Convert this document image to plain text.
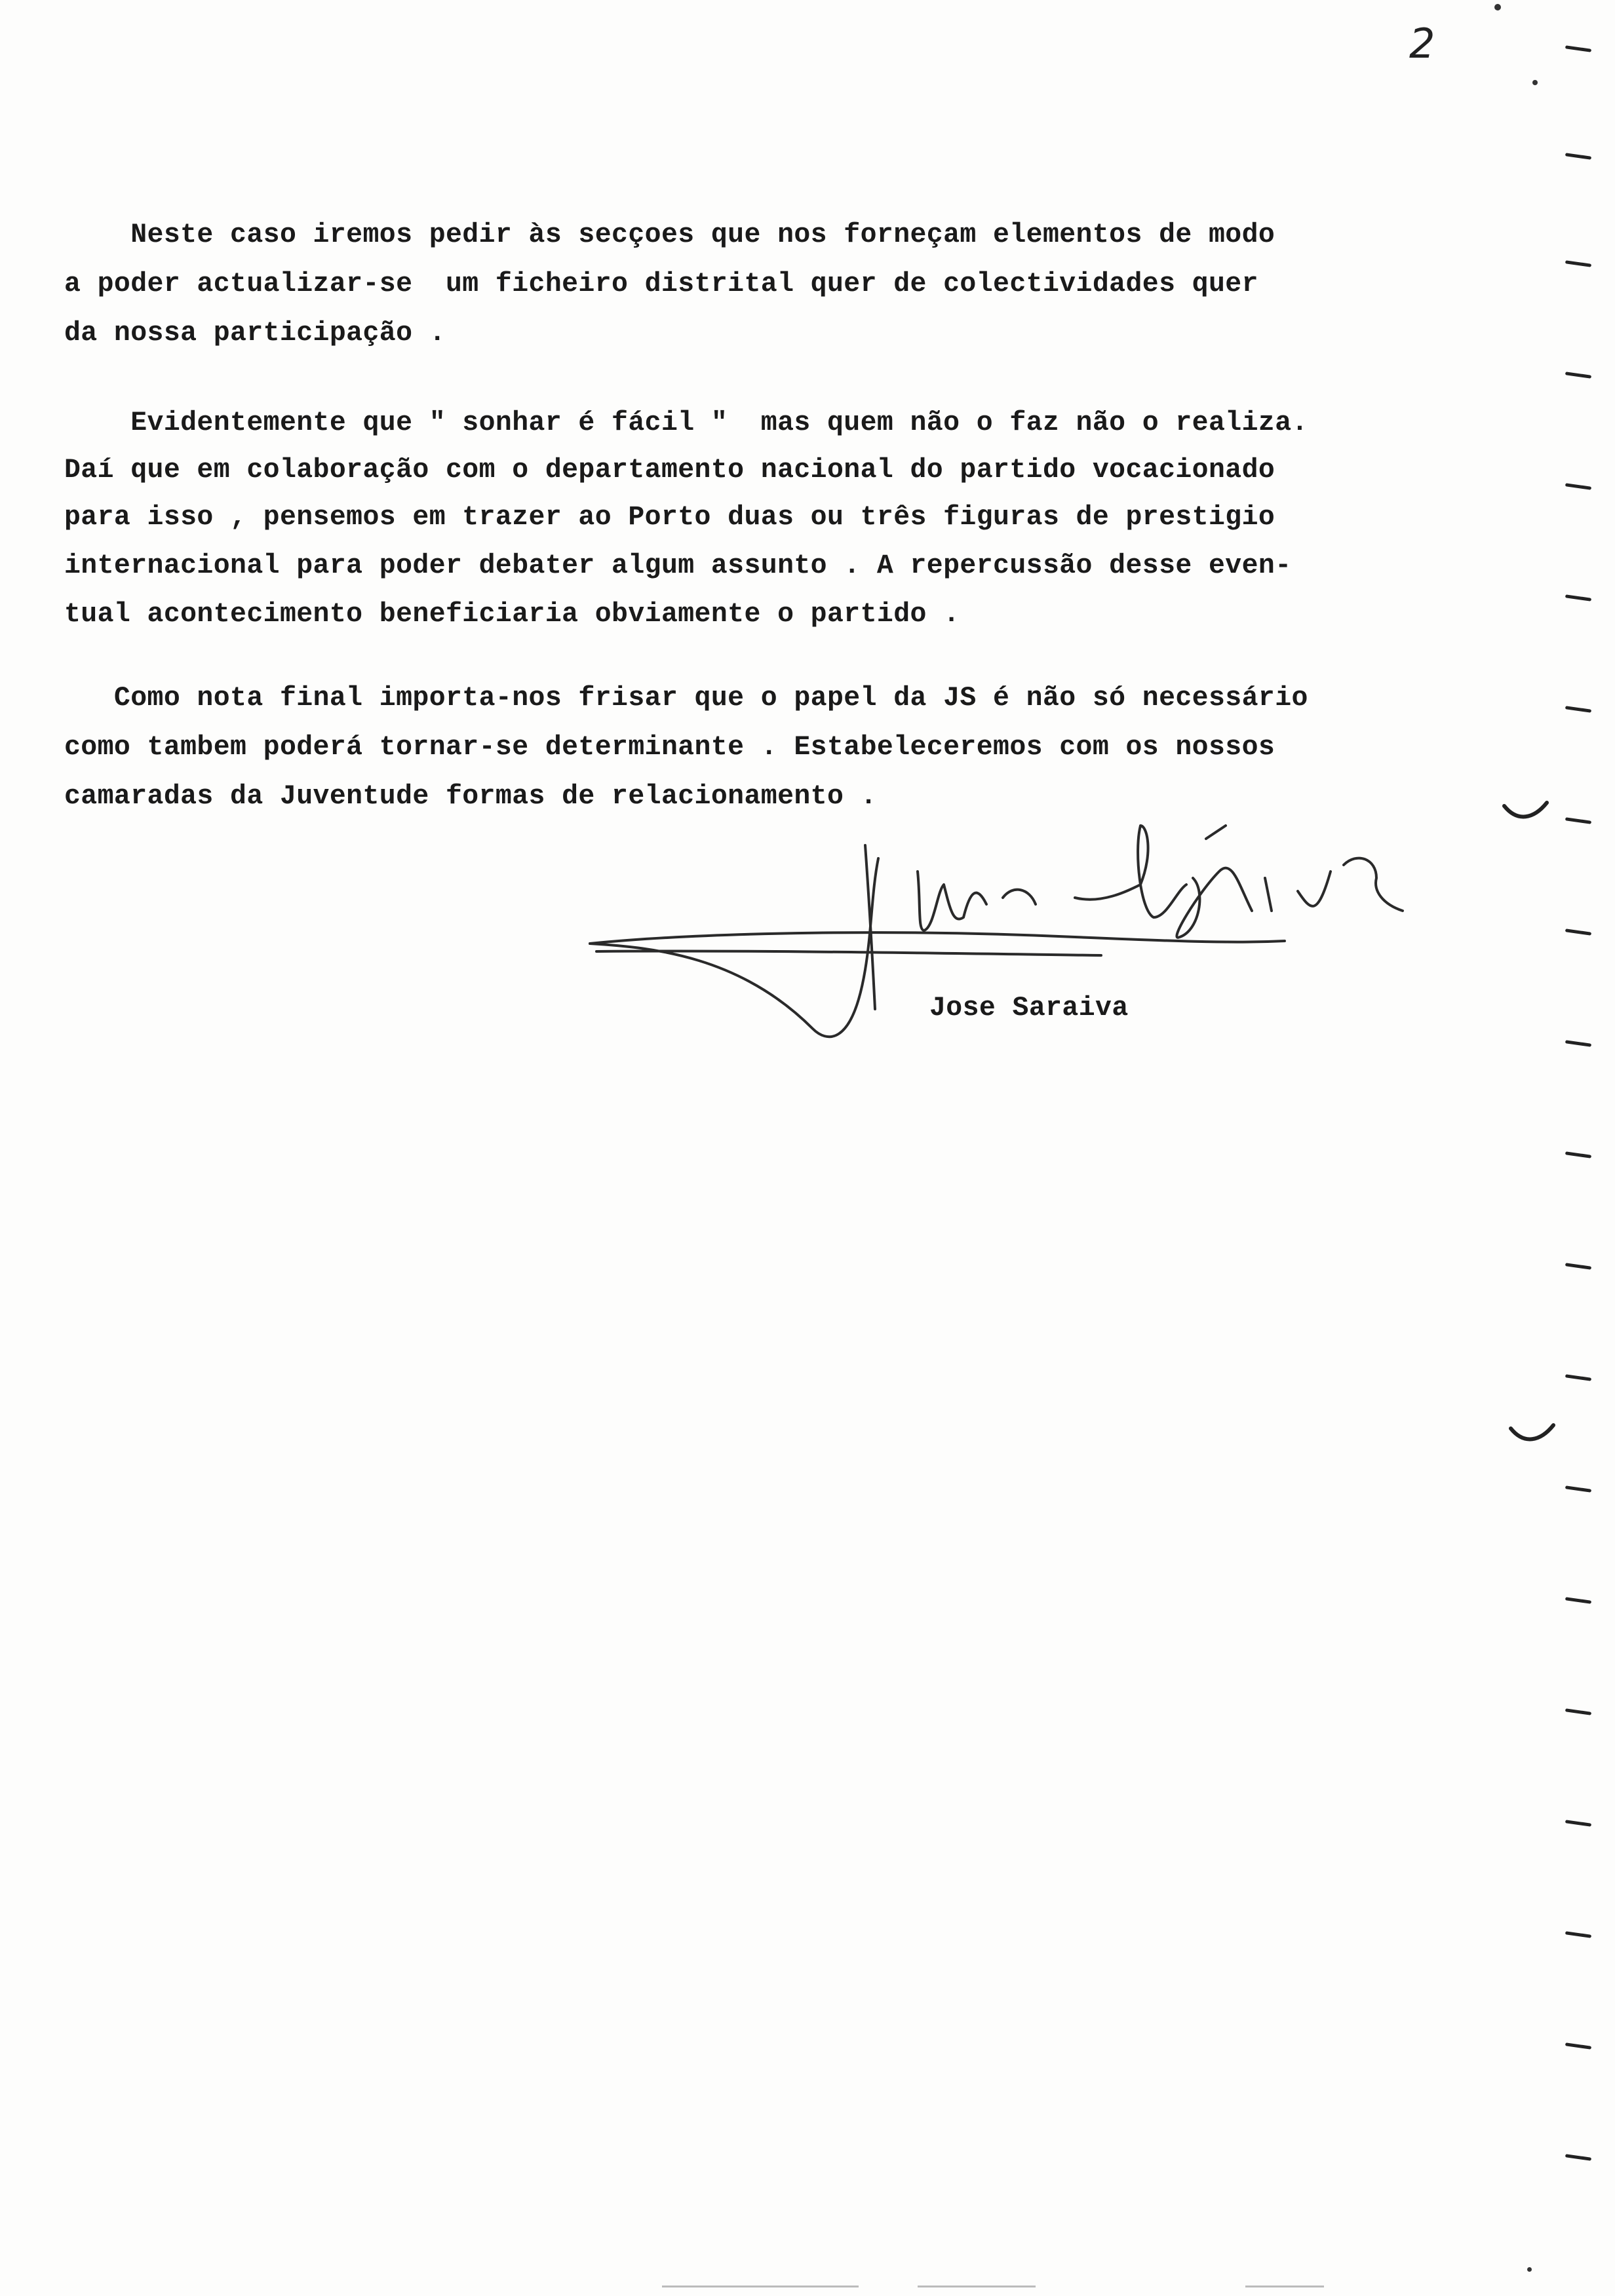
2
Neste caso iremos pedir às secçoes que nos forneçam elementos de modo
a poder actualizar-se  um ficheiro distrital quer de colectividades quer
da nossa participação .
Evidentemente que " sonhar é fácil "  mas quem não o faz não o realiza.
Daí que em colaboração com o departamento nacional do partido vocacionado
para isso , pensemos em trazer ao Porto duas ou três figuras de prestigio
internacional para poder debater algum assunto . A repercussão desse even-
tual acontecimento beneficiaria obviamente o partido .
Como nota final importa-nos frisar que o papel da JS é não só necessário
como tambem poderá tornar-se determinante . Estabeleceremos com os nossos
camaradas da Juventude formas de relacionamento .
Jose Saraiva
